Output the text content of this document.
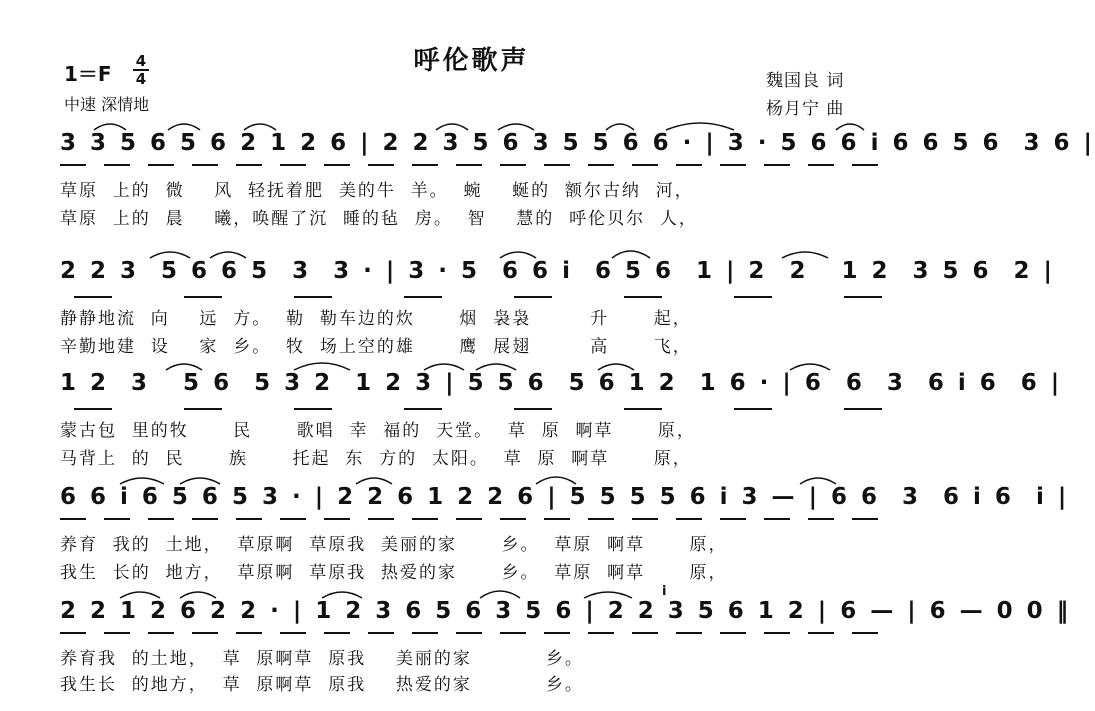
呼伦歌声
1＝F
4
4
中速 深情地
魏国良 词
杨月宁 曲
3 3 5 6 5 6 2 1 2 6 | 2 2 3 5 6 3 5 5 6 6 · | 3 · 5 6 6 i 6 6 5 6  3 6 |
草原  上的  微    风  轻抚着肥  美的牛  羊。  蜿    蜒的  额尔古纳  河，
草原  上的  晨    曦，唤醒了沉  睡的毡  房。  智    慧的  呼伦贝尔  人，
2 2 3  5 6 6 5  3  3 · | 3 · 5  6 6 i  6 5 6  1 | 2  2   1 2  3 5 6  2 |
静静地流  向    远  方。  勒  勒车边的炊      烟  袅袅        升      起，
辛勤地建  设    家  乡。  牧  场上空的雄      鹰  展翅        高      飞，
1 2  3   5 6  5 3 2  1 2 3 | 5 5 6  5 6 1 2  1 6 · | 6  6  3  6 i 6  6 |
蒙古包  里的牧      民      歌唱  幸  福的  天堂。  草  原  啊草      原，
马背上  的  民      族      托起  东  方的  太阳。  草  原  啊草      原，
6 6 i 6 5 6 5 3 · | 2 2 6 1 2 2 6 | 5 5 5 5 6 i 3 — | 6 6  3  6 i 6  i |
养育  我的  土地，  草原啊  草原我  美丽的家      乡。  草原  啊草      原，
我生  长的  地方，  草原啊  草原我  热爱的家      乡。  草原  啊草      原，
2 2 1 2 6 2 2 · | 1 2 3 6 5 6 3 5 6 | 2 2 3 5 6 1 2 | 6 — | 6 — 0 0 ‖
i
养育我  的土地，  草  原啊草  原我    美丽的家          乡。
我生长  的地方，  草  原啊草  原我    热爱的家          乡。
